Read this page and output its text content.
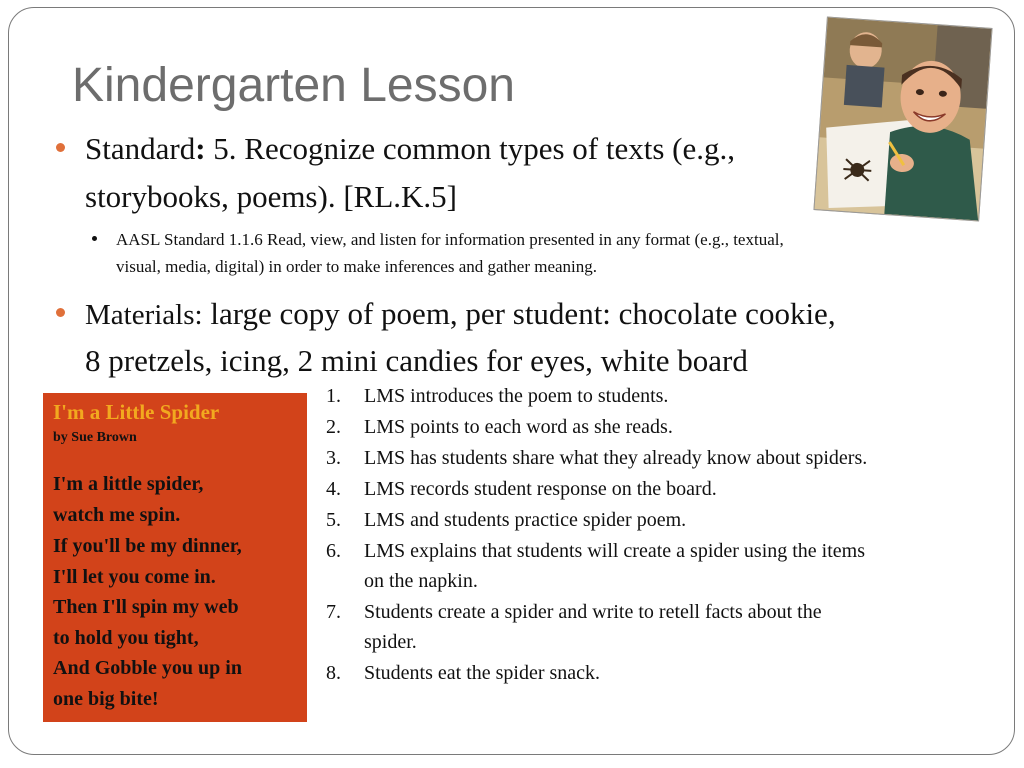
Kindergarten Lesson
Standard: 5. Recognize common types of texts (e.g.,
storybooks, poems). [RL.K.5]
AASL Standard 1.1.6 Read, view, and listen for information presented in any format (e.g., textual,
visual, media, digital) in order to make inferences and gather meaning.
Materials: large copy of poem, per student: chocolate cookie,
8 pretzels, icing, 2 mini candies for eyes, white board
I'm a Little Spider
by Sue Brown
I'm a little spider,
watch me spin.
If you'll be my dinner,
I'll let you come in.
Then I'll spin my web
to hold you tight,
And Gobble you up in
one big bite!
1. LMS introduces the poem to students.
2. LMS points to each word as she reads.
3. LMS has students share what they already know about spiders.
4. LMS records student response on the board.
5. LMS and students practice spider poem.
6. LMS explains that students will create a spider using the items
on the napkin.
7. Students create a spider and write to retell facts about the
spider.
8. Students eat the spider snack.
